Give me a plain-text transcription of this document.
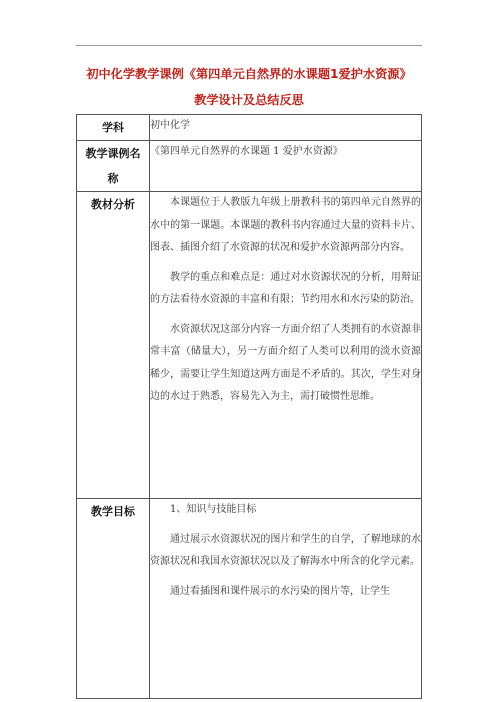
初中化学教学课例《第四单元自然界的水课题1爱护水资源》
教学设计及总结反思
学科	初中化学

教学课例名
称	《第四单元自然界的水课题 1 爱护水资源》

教材分析	本课题位于人教版九年级上册教科书的第四单元自然界的水中的第一课题。本课题的教科书内容通过大量的资料卡片、图表、插图介绍了水资源的状况和爱护水资源两部分内容。

教学的重点和难点是：通过对水资源状况的分析，用辩证的方法看待水资源的丰富和有限；节约用水和水污染的防治。

水资源状况这部分内容一方面介绍了人类拥有的水资源非常丰富（储量大），另一方面介绍了人类可以利用的淡水资源稀少，需要让学生知道这两方面是不矛盾的。其次，学生对身边的水过于熟悉，容易先入为主，需打破惯性思维。

教学目标	1、知识与技能目标

通过展示水资源状况的图片和学生的自学，了解地球的水资源状况和我国水资源状况以及了解海水中所含的化学元素。

通过看插图和课件展示的水污染的图片等，让学生
